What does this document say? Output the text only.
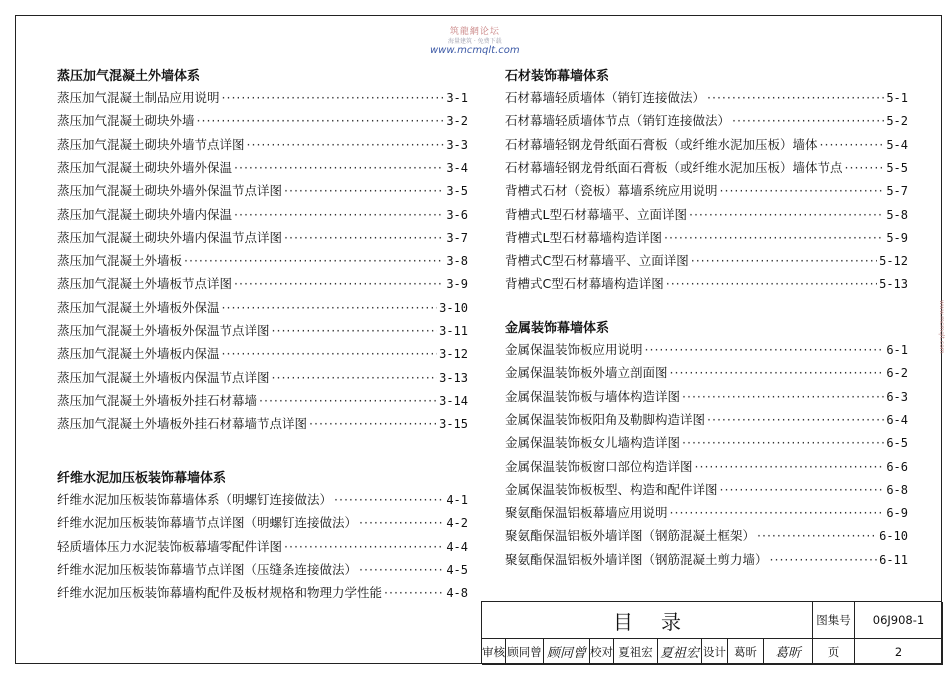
筑龍網论坛
海量建筑 · 免费下载
www.mcmqlt.com
蒸压加气混凝土外墙体系
蒸压加气混凝土制品应用说明 ·····	3-1
蒸压加气混凝土砌块外墙 ·····	3-2
蒸压加气混凝土砌块外墙节点详图 ·····	3-3
蒸压加气混凝土砌块外墙外保温 ·····	3-4
蒸压加气混凝土砌块外墙外保温节点详图 ·····	3-5
蒸压加气混凝土砌块外墙内保温 ·····	3-6
蒸压加气混凝土砌块外墙内保温节点详图 ·····	3-7
蒸压加气混凝土外墙板 ·····	3-8
蒸压加气混凝土外墙板节点详图 ·····	3-9
蒸压加气混凝土外墙板外保温 ·····	3-10
蒸压加气混凝土外墙板外保温节点详图 ·····	3-11
蒸压加气混凝土外墙板内保温 ·····	3-12
蒸压加气混凝土外墙板内保温节点详图 ·····	3-13
蒸压加气混凝土外墙板外挂石材幕墙 ·····	3-14
蒸压加气混凝土外墙板外挂石材幕墙节点详图 ·····	3-15
纤维水泥加压板装饰幕墙体系
纤维水泥加压板装饰幕墙体系（明螺钉连接做法） ·····	4-1
纤维水泥加压板装饰幕墙节点详图（明螺钉连接做法） ·····	4-2
轻质墙体压力水泥装饰板幕墙零配件详图 ·····	4-4
纤维水泥加压板装饰幕墙节点详图（压缝条连接做法） ·····	4-5
纤维水泥加压板装饰幕墙构配件及板材规格和物理力学性能 ·····	4-8
石材装饰幕墙体系
石材幕墙轻质墙体（销钉连接做法） ·····	5-1
石材幕墙轻质墙体节点（销钉连接做法） ·····	5-2
石材幕墙轻钢龙骨纸面石膏板（或纤维水泥加压板）墙体 ·····	5-4
石材幕墙轻钢龙骨纸面石膏板（或纤维水泥加压板）墙体节点 ·····	5-5
背槽式石材（瓷板）幕墙系统应用说明 ·····	5-7
背槽式L型石材幕墙平、立面详图 ·····	5-8
背槽式L型石材幕墙构造详图 ·····	5-9
背槽式C型石材幕墙平、立面详图 ·····	5-12
背槽式C型石材幕墙构造详图 ·····	5-13
金属装饰幕墙体系
金属保温装饰板应用说明 ·····	6-1
金属保温装饰板外墙立剖面图 ·····	6-2
金属保温装饰板与墙体构造详图 ·····	6-3
金属保温装饰板阳角及勒脚构造详图 ·····	6-4
金属保温装饰板女儿墙构造详图 ·····	6-5
金属保温装饰板窗口部位构造详图 ·····	6-6
金属保温装饰板板型、构造和配件详图 ·····	6-8
聚氨酯保温铝板幕墙应用说明 ·····	6-9
聚氨酯保温铝板外墙详图（钢筋混凝土框架） ·····	6-10
聚氨酯保温铝板外墙详图（钢筋混凝土剪力墙） ·····	6-11
目录	图集号	06J908-1
审核 顾同曾 顾同曾 校对 夏祖宏 夏祖宏 设计 葛昕	葛昕	页	2
www.mcmqlt.com
